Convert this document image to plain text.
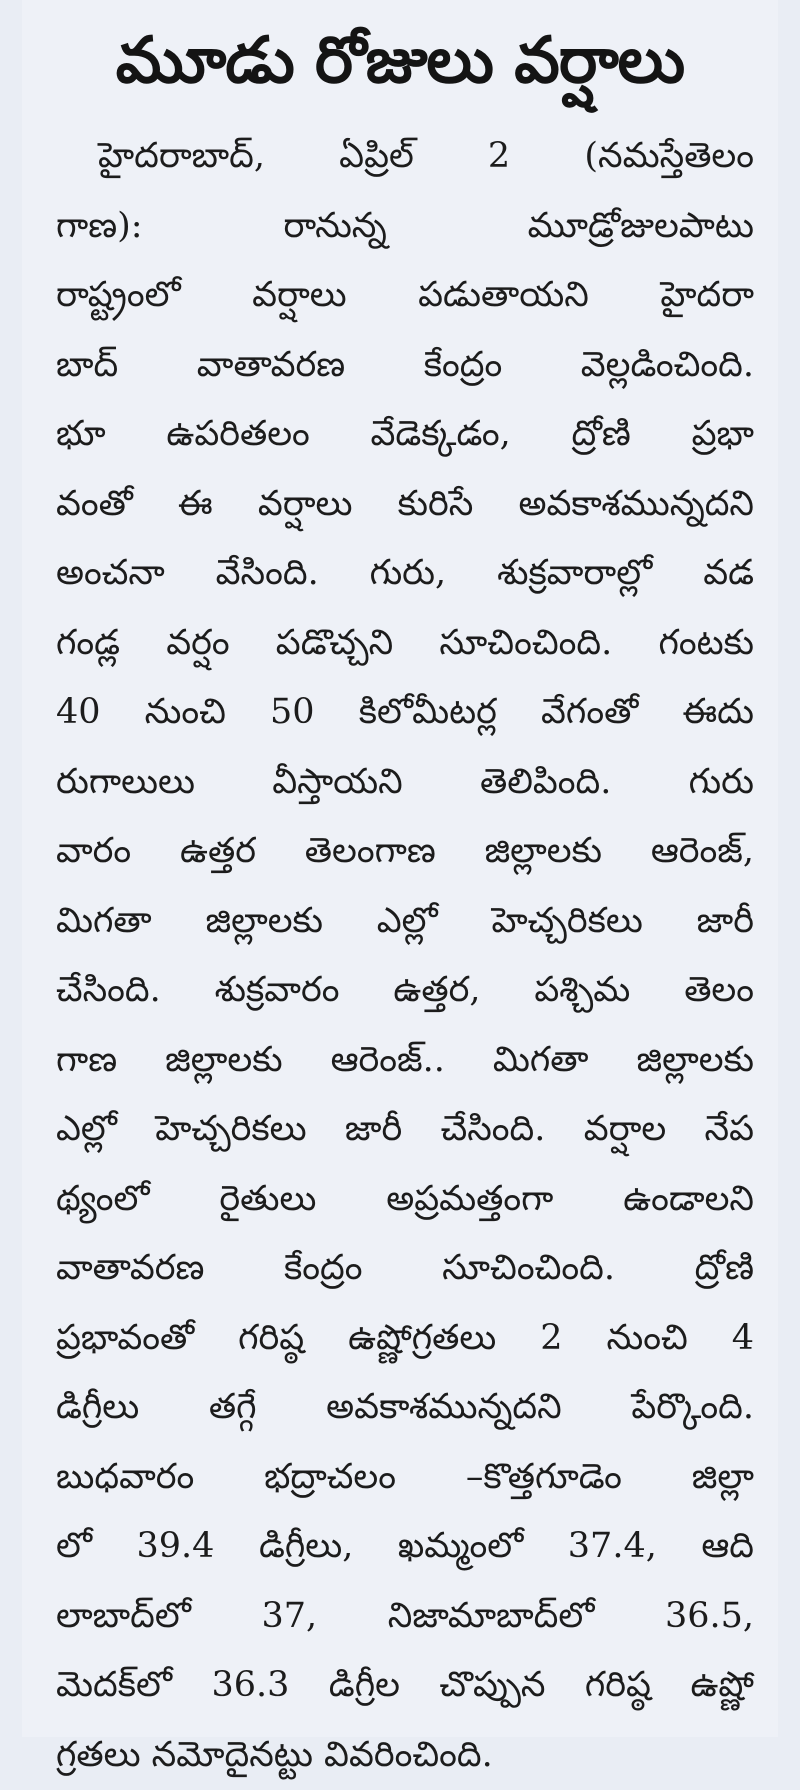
మూడు రోజులు వర్షాలు
హైదరాబాద్, ఏప్రిల్ 2 (నమస్తేతెలం
గాణ): రానున్న మూడ్రోజులపాటు
రాష్ట్రంలో వర్షాలు పడుతాయని హైదరా
బాద్ వాతావరణ కేంద్రం వెల్లడించింది.
భూ ఉపరితలం వేడెక్కడం, ద్రోణి ప్రభా
వంతో ఈ వర్షాలు కురిసే అవకాశమున్నదని
అంచనా వేసింది. గురు, శుక్రవారాల్లో వడ
గండ్ల వర్షం పడొచ్చని సూచించింది. గంటకు
40 నుంచి 50 కిలోమీటర్ల వేగంతో ఈదు
రుగాలులు వీస్తాయని తెలిపింది. గురు
వారం ఉత్తర తెలంగాణ జిల్లాలకు ఆరెంజ్,
మిగతా జిల్లాలకు ఎల్లో హెచ్చరికలు జారీ
చేసింది. శుక్రవారం ఉత్తర, పశ్చిమ తెలం
గాణ జిల్లాలకు ఆరెంజ్.. మిగతా జిల్లాలకు
ఎల్లో హెచ్చరికలు జారీ చేసింది. వర్షాల నేప
థ్యంలో రైతులు అప్రమత్తంగా ఉండాలని
వాతావరణ కేంద్రం సూచించింది. ద్రోణి
ప్రభావంతో గరిష్ఠ ఉష్ణోగ్రతలు 2 నుంచి 4
డిగ్రీలు తగ్గే అవకాశమున్నదని పేర్కొంది.
బుధవారం భద్రాచలం –కొత్తగూడెం జిల్లా
లో 39.4 డిగ్రీలు, ఖమ్మంలో 37.4, ఆది
లాబాద్‌లో 37, నిజామాబాద్‌లో 36.5,
మెదక్‌లో 36.3 డిగ్రీల చొప్పున గరిష్ఠ ఉష్ణో
గ్రతలు నమోదైనట్టు వివరించింది.
